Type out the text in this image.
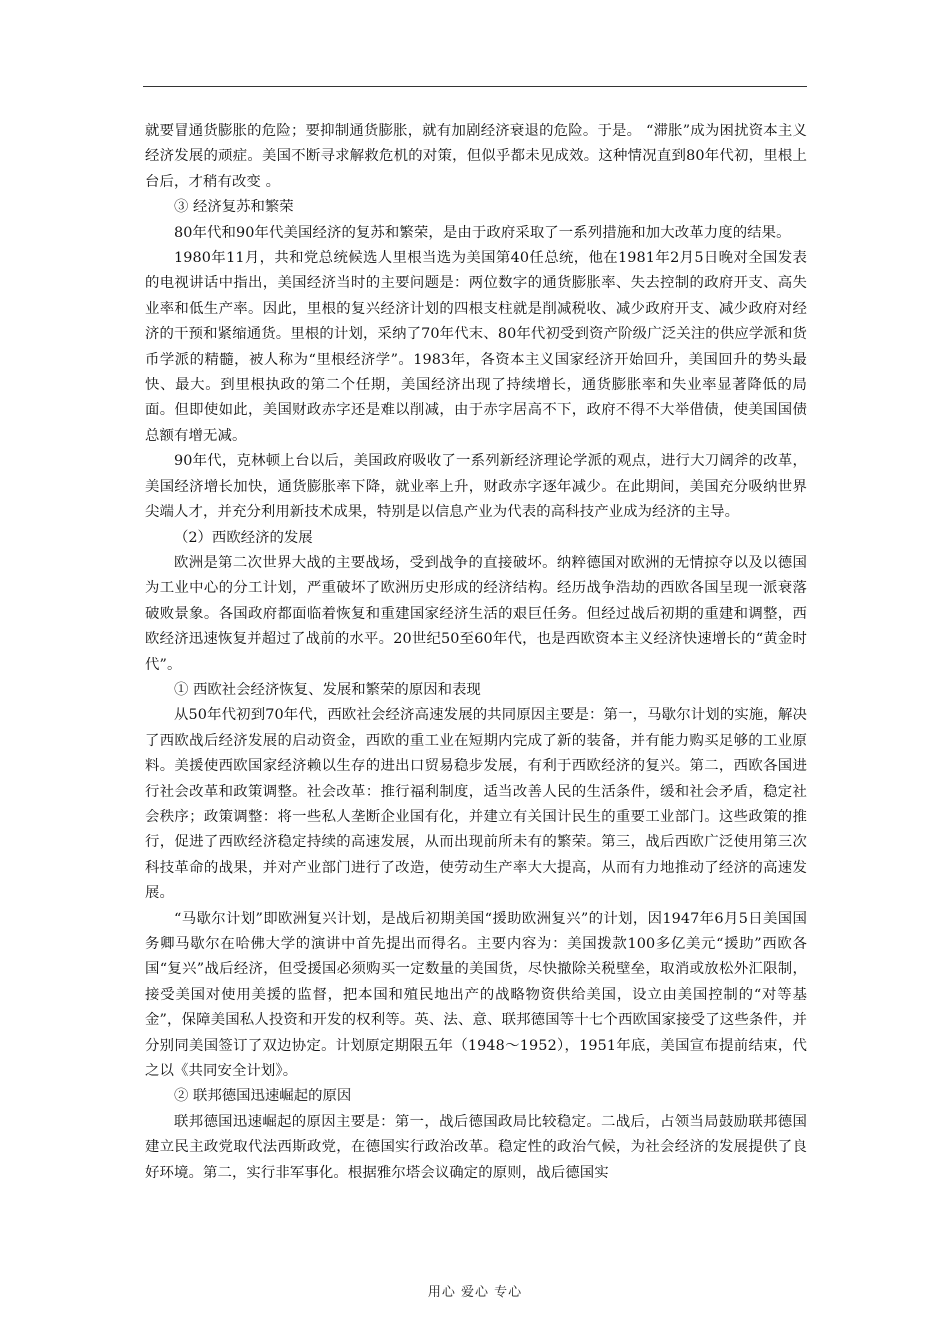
就要冒通货膨胀的危险；要抑制通货膨胀，就有加剧经济衰退的危险。于是。 “滞胀”成为困扰资本主义经济发展的顽症。美国不断寻求解救危机的对策，但似乎都未见成效。这种情况直到80年代初，里根上台后，才稍有改变 。

③ 经济复苏和繁荣

80年代和90年代美国经济的复苏和繁荣，是由于政府采取了一系列措施和加大改革力度的结果。

1980年11月，共和党总统候选人里根当选为美国第40任总统，他在1981年2月5日晚对全国发表的电视讲话中指出，美国经济当时的主要问题是：两位数字的通货膨胀率、失去控制的政府开支、高失业率和低生产率。因此，里根的复兴经济计划的四根支柱就是削减税收、减少政府开支、减少政府对经济的干预和紧缩通货。里根的计划，采纳了70年代末、80年代初受到资产阶级广泛关注的供应学派和货币学派的精髓，被人称为“里根经济学”。1983年，各资本主义国家经济开始回升，美国回升的势头最快、最大。到里根执政的第二个任期，美国经济出现了持续增长，通货膨胀率和失业率显著降低的局面。但即使如此，美国财政赤字还是难以削减，由于赤字居高不下，政府不得不大举借债，使美国国债总额有增无减。

90年代，克林顿上台以后，美国政府吸收了一系列新经济理论学派的观点，进行大刀阔斧的改革，美国经济增长加快，通货膨胀率下降，就业率上升，财政赤字逐年减少。在此期间，美国充分吸纳世界尖端人才，并充分利用新技术成果，特别是以信息产业为代表的高科技产业成为经济的主导。

（2）西欧经济的发展

欧洲是第二次世界大战的主要战场，受到战争的直接破坏。纳粹德国对欧洲的无情掠夺以及以德国为工业中心的分工计划，严重破坏了欧洲历史形成的经济结构。经历战争浩劫的西欧各国呈现一派衰落破败景象。各国政府都面临着恢复和重建国家经济生活的艰巨任务。但经过战后初期的重建和调整，西欧经济迅速恢复并超过了战前的水平。20世纪50至60年代，也是西欧资本主义经济快速增长的“黄金时代”。

① 西欧社会经济恢复、发展和繁荣的原因和表现

从50年代初到70年代，西欧社会经济高速发展的共同原因主要是：第一，马歇尔计划的实施，解决了西欧战后经济发展的启动资金，西欧的重工业在短期内完成了新的装备，并有能力购买足够的工业原料。美援使西欧国家经济赖以生存的进出口贸易稳步发展，有利于西欧经济的复兴。第二，西欧各国进行社会改革和政策调整。社会改革：推行福利制度，适当改善人民的生活条件，缓和社会矛盾，稳定社会秩序；政策调整：将一些私人垄断企业国有化，并建立有关国计民生的重要工业部门。这些政策的推行，促进了西欧经济稳定持续的高速发展，从而出现前所未有的繁荣。第三，战后西欧广泛使用第三次科技革命的战果，并对产业部门进行了改造，使劳动生产率大大提高，从而有力地推动了经济的高速发展。

“马歇尔计划”即欧洲复兴计划，是战后初期美国“援助欧洲复兴”的计划，因1947年6月5日美国国务卿马歇尔在哈佛大学的演讲中首先提出而得名。主要内容为：美国拨款100多亿美元“援助”西欧各国“复兴”战后经济，但受援国必须购买一定数量的美国货，尽快撤除关税壁垒，取消或放松外汇限制，接受美国对使用美援的监督，把本国和殖民地出产的战略物资供给美国，设立由美国控制的“对等基金”，保障美国私人投资和开发的权利等。英、法、意、联邦德国等十七个西欧国家接受了这些条件，并分别同美国签订了双边协定。计划原定期限五年（1948～1952），1951年底，美国宣布提前结束，代之以《共同安全计划》。

② 联邦德国迅速崛起的原因

联邦德国迅速崛起的原因主要是：第一，战后德国政局比较稳定。二战后，占领当局鼓励联邦德国建立民主政党取代法西斯政党，在德国实行政治改革。稳定性的政治气候，为社会经济的发展提供了良好环境。第二，实行非军事化。根据雅尔塔会议确定的原则，战后德国实

用心 爱心 专心
